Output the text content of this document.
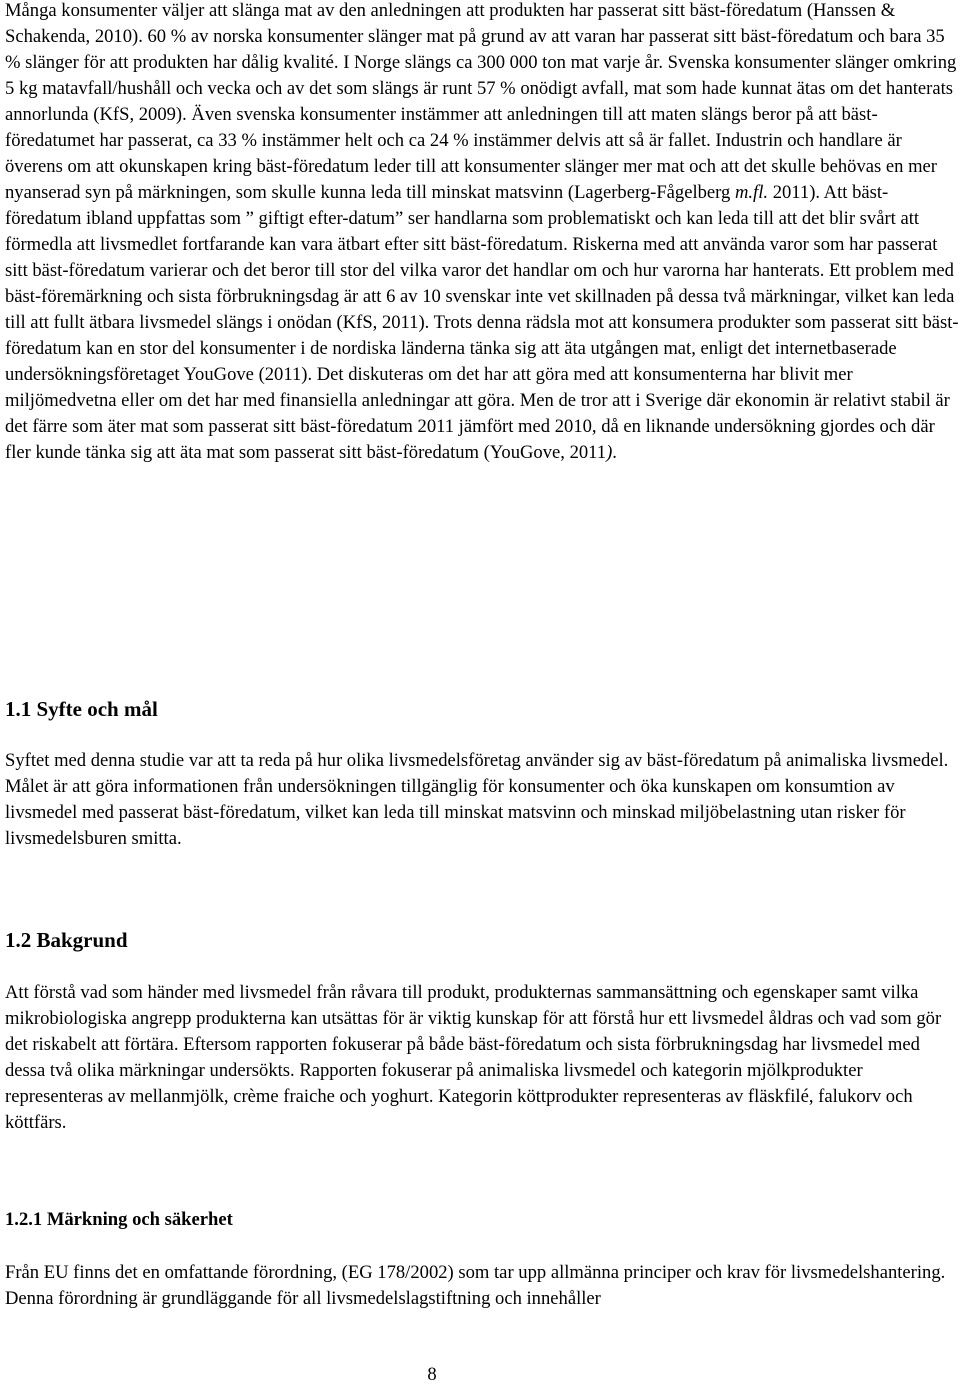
Många konsumenter väljer att slänga mat av den anledningen att produkten har passerat sitt bäst-föredatum (Hanssen & Schakenda, 2010). 60 % av norska konsumenter slänger mat på grund av att varan har passerat sitt bäst-föredatum och bara 35 % slänger för att produkten har dålig kvalité. I Norge slängs ca 300 000 ton mat varje år. Svenska konsumenter slänger omkring 5 kg matavfall/hushåll och vecka och av det som slängs är runt 57 % onödigt avfall, mat som hade kunnat ätas om det hanterats annorlunda (KfS, 2009). Även svenska konsumenter instämmer att anledningen till att maten slängs beror på att bäst-föredatumet har passerat, ca 33 % instämmer helt och ca 24 % instämmer delvis att så är fallet. Industrin och handlare är överens om att okunskapen kring bäst-föredatum leder till att konsumenter slänger mer mat och att det skulle behövas en mer nyanserad syn på märkningen, som skulle kunna leda till minskat matsvinn (Lagerberg-Fågelberg m.fl. 2011). Att bäst-föredatum ibland uppfattas som ” giftigt efter-datum” ser handlarna som problematiskt och kan leda till att det blir svårt att förmedla att livsmedlet fortfarande kan vara ätbart efter sitt bäst-föredatum. Riskerna med att använda varor som har passerat sitt bäst-föredatum varierar och det beror till stor del vilka varor det handlar om och hur varorna har hanterats. Ett problem med bäst-föremärkning och sista förbrukningsdag är att 6 av 10 svenskar inte vet skillnaden på dessa två märkningar, vilket kan leda till att fullt ätbara livsmedel slängs i onödan (KfS, 2011). Trots denna rädsla mot att konsumera produkter som passerat sitt bäst-föredatum kan en stor del konsumenter i de nordiska länderna tänka sig att äta utgången mat, enligt det internetbaserade undersökningsföretaget YouGove (2011). Det diskuteras om det har att göra med att konsumenterna har blivit mer miljömedvetna eller om det har med finansiella anledningar att göra. Men de tror att i Sverige där ekonomin är relativt stabil är det färre som äter mat som passerat sitt bäst-föredatum 2011 jämfört med 2010, då en liknande undersökning gjordes och där fler kunde tänka sig att äta mat som passerat sitt bäst-föredatum (YouGove, 2011).

1.1 Syfte och mål

Syftet med denna studie var att ta reda på hur olika livsmedelsföretag använder sig av bäst-föredatum på animaliska livsmedel. Målet är att göra informationen från undersökningen tillgänglig för konsumenter och öka kunskapen om konsumtion av livsmedel med passerat bäst-föredatum, vilket kan leda till minskat matsvinn och minskad miljöbelastning utan risker för livsmedelsburen smitta.

1.2 Bakgrund

Att förstå vad som händer med livsmedel från råvara till produkt, produkternas sammansättning och egenskaper samt vilka mikrobiologiska angrepp produkterna kan utsättas för är viktig kunskap för att förstå hur ett livsmedel åldras och vad som gör det riskabelt att förtära. Eftersom rapporten fokuserar på både bäst-föredatum och sista förbrukningsdag har livsmedel med dessa två olika märkningar undersökts. Rapporten fokuserar på animaliska livsmedel och kategorin mjölkprodukter representeras av mellanmjölk, crème fraiche och yoghurt. Kategorin köttprodukter representeras av fläskfilé, falukorv och köttfärs.

1.2.1 Märkning och säkerhet

Från EU finns det en omfattande förordning, (EG 178/2002) som tar upp allmänna principer och krav för livsmedelshantering. Denna förordning är grundläggande för all livsmedelslagstiftning och innehåller

8
